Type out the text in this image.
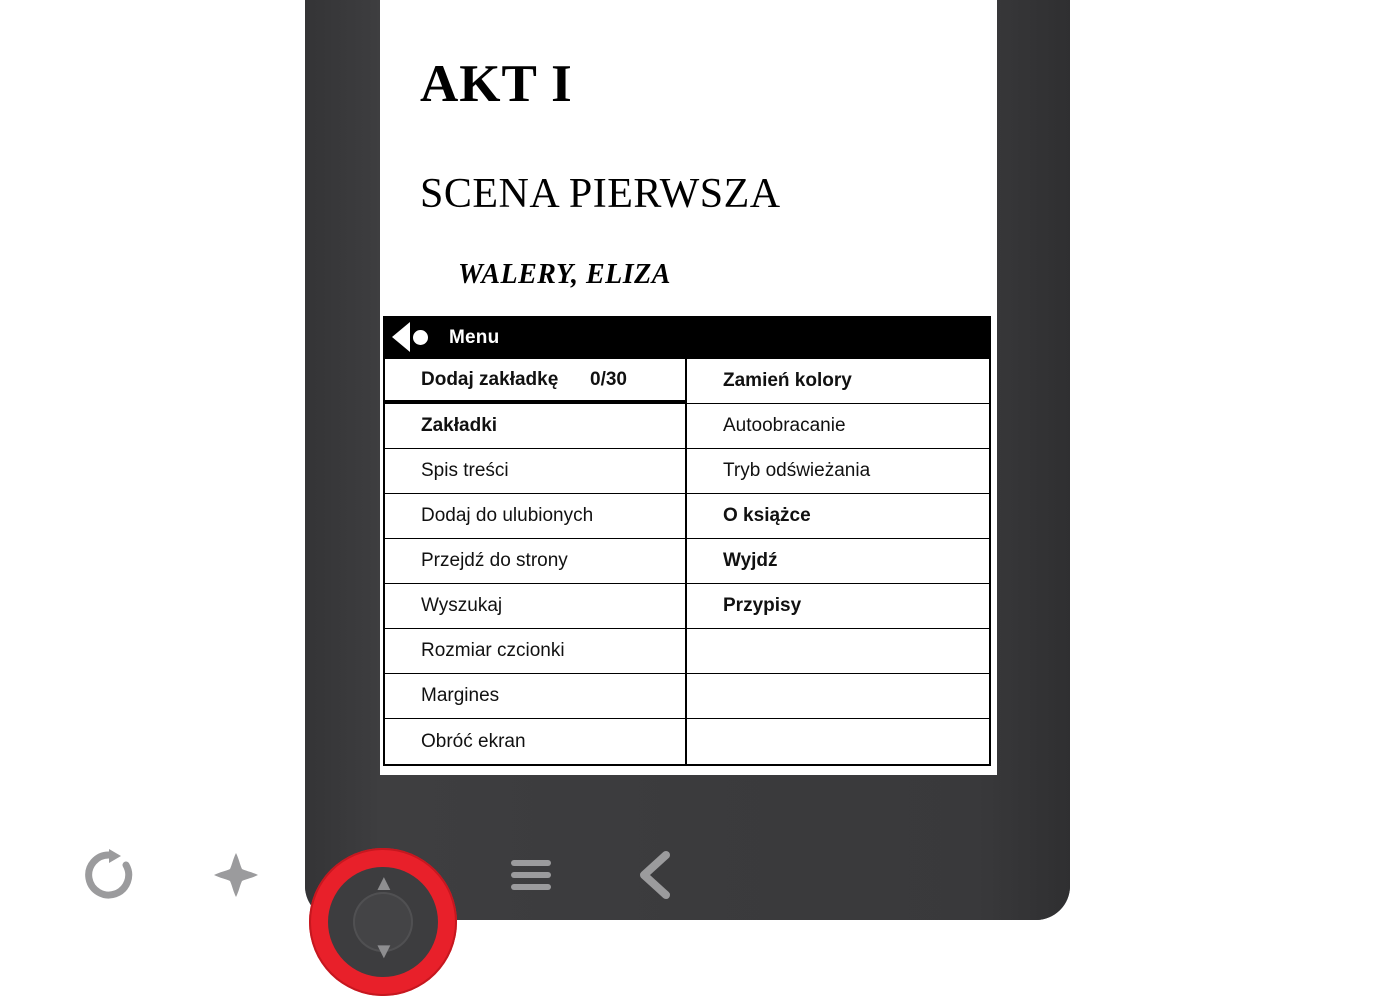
AKT I
SCENA PIERWSZA
WALERY, ELIZA
Menu
Dodaj zakładkę 0/30
Zakładki
Spis treści
Dodaj do ulubionych
Przejdź do strony
Wyszukaj
Rozmiar czcionki
Margines
Obróć ekran
Zamień kolory
Autoobracanie
Tryb odświeżania
O książce
Wyjdź
Przypisy
▲
▼
